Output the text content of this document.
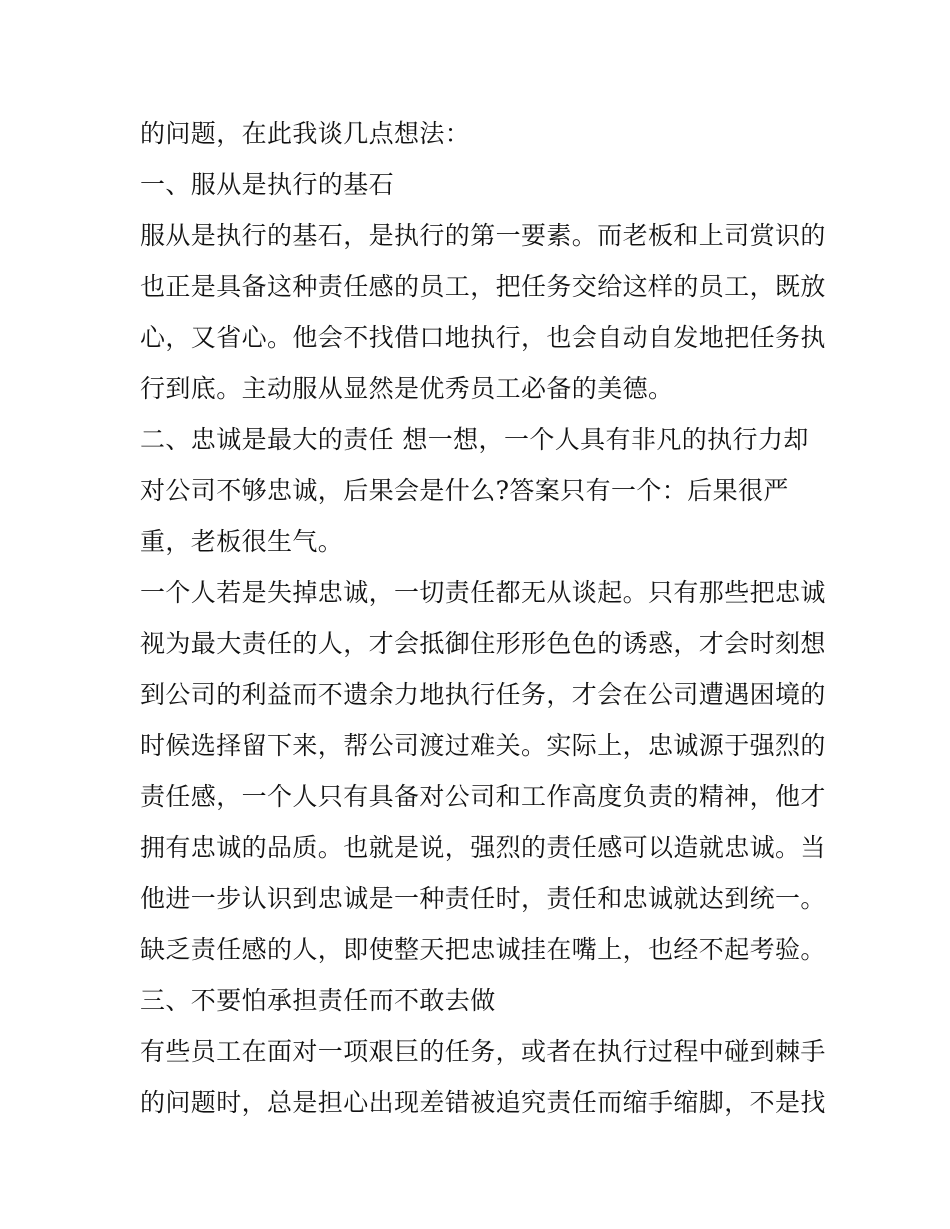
的问题，在此我谈几点想法：
一、服从是执行的基石
服从是执行的基石，是执行的第一要素。而老板和上司赏识的
也正是具备这种责任感的员工，把任务交给这样的员工，既放
心，又省心。他会不找借口地执行，也会自动自发地把任务执
行到底。主动服从显然是优秀员工必备的美德。
二、忠诚是最大的责任 想一想，一个人具有非凡的执行力却
对公司不够忠诚，后果会是什么?答案只有一个：后果很严
重，老板很生气。
一个人若是失掉忠诚，一切责任都无从谈起。只有那些把忠诚
视为最大责任的人，才会抵御住形形色色的诱惑，才会时刻想
到公司的利益而不遗余力地执行任务，才会在公司遭遇困境的
时候选择留下来，帮公司渡过难关。实际上，忠诚源于强烈的
责任感，一个人只有具备对公司和工作高度负责的精神，他才
拥有忠诚的品质。也就是说，强烈的责任感可以造就忠诚。当
他进一步认识到忠诚是一种责任时，责任和忠诚就达到统一。
缺乏责任感的人，即使整天把忠诚挂在嘴上，也经不起考验。
三、不要怕承担责任而不敢去做
有些员工在面对一项艰巨的任务，或者在执行过程中碰到棘手
的问题时，总是担心出现差错被追究责任而缩手缩脚，不是找
